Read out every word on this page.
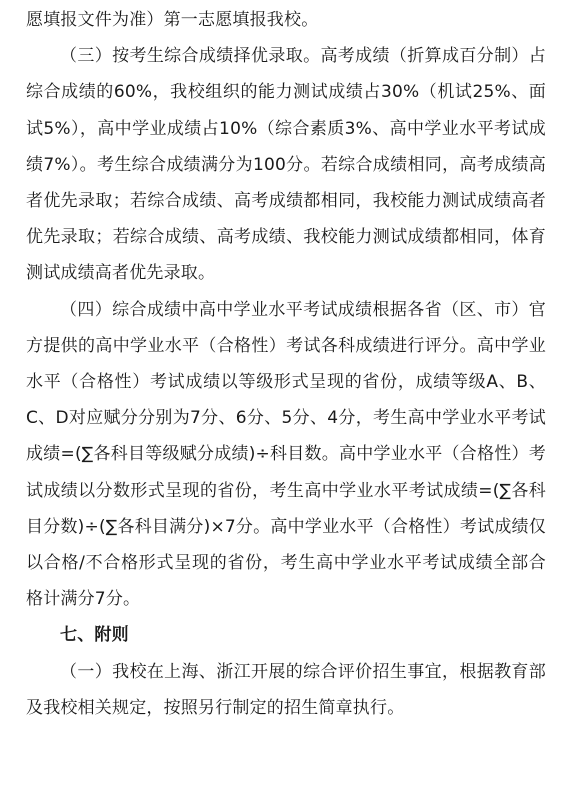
愿填报文件为准）第一志愿填报我校。

（三）按考生综合成绩择优录取。高考成绩（折算成百分制）占综合成绩的60%，我校组织的能力测试成绩占30%（机试25%、面试5%），高中学业成绩占10%（综合素质3%、高中学业水平考试成绩7%）。考生综合成绩满分为100分。若综合成绩相同，高考成绩高者优先录取；若综合成绩、高考成绩都相同，我校能力测试成绩高者优先录取；若综合成绩、高考成绩、我校能力测试成绩都相同，体育测试成绩高者优先录取。

（四）综合成绩中高中学业水平考试成绩根据各省（区、市）官方提供的高中学业水平（合格性）考试各科成绩进行评分。高中学业水平（合格性）考试成绩以等级形式呈现的省份，成绩等级A、B、C、D对应赋分分别为7分、6分、5分、4分，考生高中学业水平考试成绩=(∑各科目等级赋分成绩)÷科目数。高中学业水平（合格性）考试成绩以分数形式呈现的省份，考生高中学业水平考试成绩=(∑各科目分数)÷(∑各科目满分)×7分。高中学业水平（合格性）考试成绩仅以合格/不合格形式呈现的省份，考生高中学业水平考试成绩全部合格计满分7分。

七、附则

（一）我校在上海、浙江开展的综合评价招生事宜，根据教育部及我校相关规定，按照另行制定的招生简章执行。
